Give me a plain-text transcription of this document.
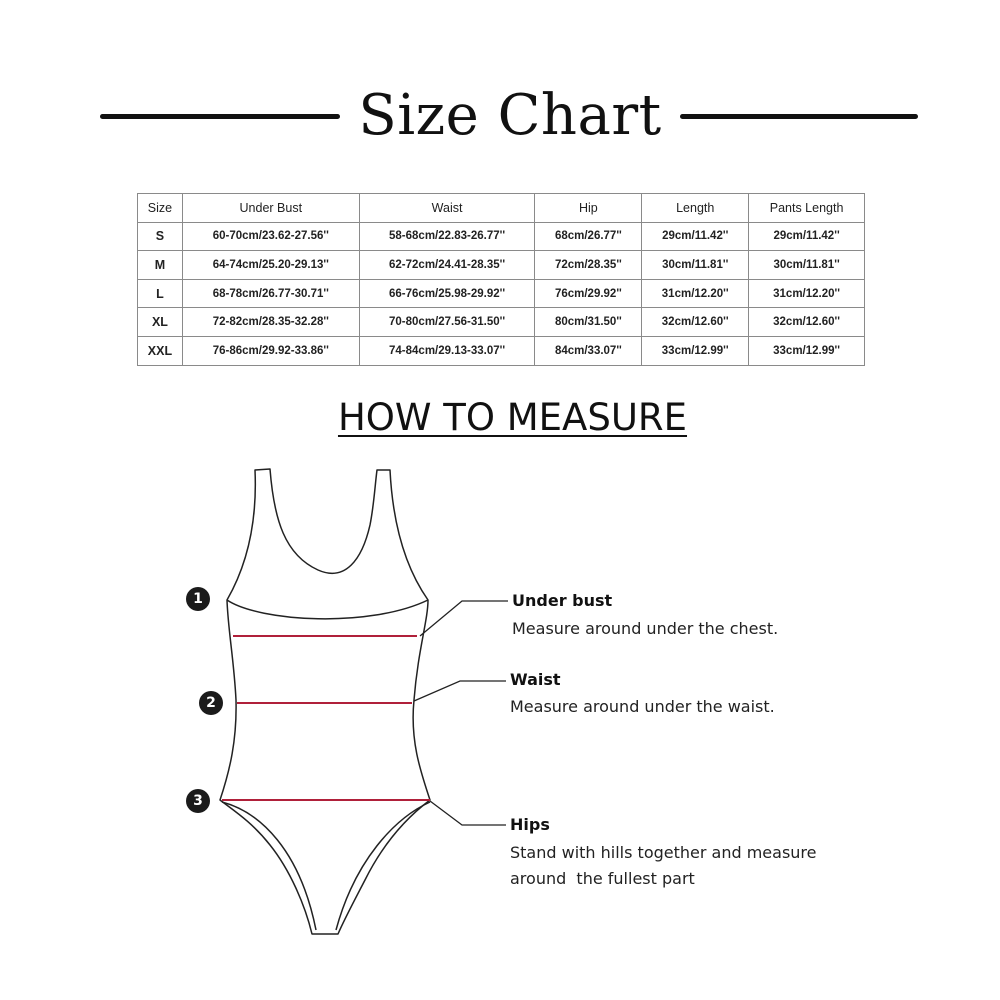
Size Chart
Size	Under Bust	Waist	Hip	Length	Pants Length
S	60-70cm/23.62-27.56''	58-68cm/22.83-26.77''	68cm/26.77''	29cm/11.42''	29cm/11.42''
M	64-74cm/25.20-29.13''	62-72cm/24.41-28.35''	72cm/28.35''	30cm/11.81''	30cm/11.81''
L	68-78cm/26.77-30.71''	66-76cm/25.98-29.92''	76cm/29.92''	31cm/12.20''	31cm/12.20''
XL	72-82cm/28.35-32.28''	70-80cm/27.56-31.50''	80cm/31.50''	32cm/12.60''	32cm/12.60''
XXL	76-86cm/29.92-33.86''	74-84cm/29.13-33.07''	84cm/33.07''	33cm/12.99''	33cm/12.99''
HOW TO MEASURE
1
2
3
Under bust
Measure around under the chest.
Waist
Measure around under the waist.
Hips
Stand with hills together and measure
around  the fullest part
